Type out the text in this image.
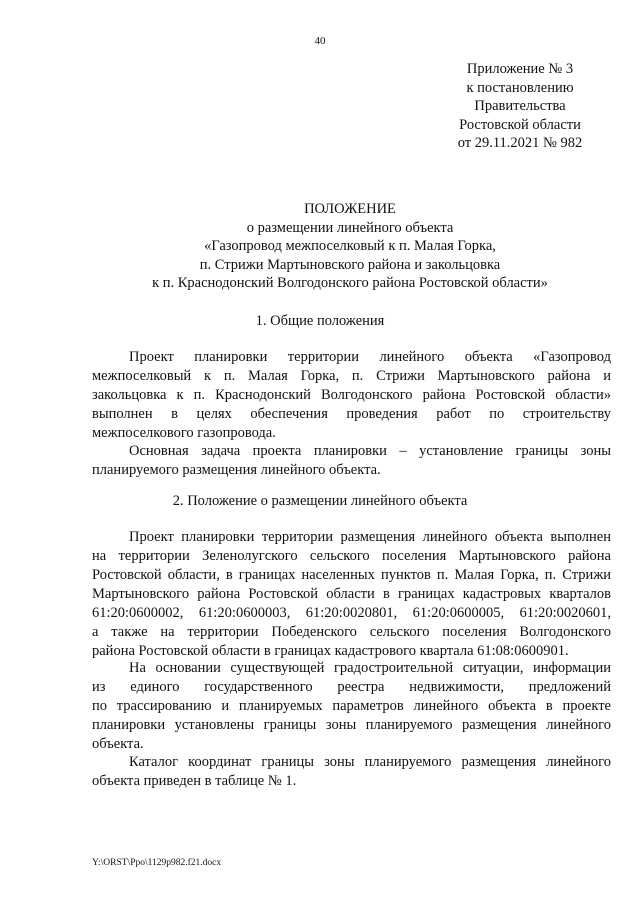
40
Приложение № 3
к постановлению
Правительства
Ростовской области
от 29.11.2021 № 982
ПОЛОЖЕНИЕ
о размещении линейного объекта
«Газопровод межпоселковый к п. Малая Горка,
п. Стрижи Мартыновского района и закольцовка
к п. Краснодонский Волгодонского района Ростовской области»
1. Общие положения
Проект планировки территории линейного объекта «Газопровод
межпоселковый к п. Малая Горка, п. Стрижи Мартыновского района и
закольцовка к п. Краснодонский Волгодонского района Ростовской области»
выполнен в целях обеспечения проведения работ по строительству
межпоселкового газопровода.
Основная задача проекта планировки – установление границы зоны
планируемого размещения линейного объекта.
2. Положение о размещении линейного объекта
Проект планировки территории размещения линейного объекта выполнен
на территории Зеленолугского сельского поселения Мартыновского района
Ростовской области, в границах населенных пунктов п. Малая Горка, п. Стрижи
Мартыновского района Ростовской области в границах кадастровых кварталов
61:20:0600002, 61:20:0600003, 61:20:0020801, 61:20:0600005, 61:20:0020601,
а также на территории Победенского сельского поселения Волгодонского
района Ростовской области в границах кадастрового квартала 61:08:0600901.
На основании существующей градостроительной ситуации, информации
из единого государственного реестра недвижимости, предложений
по трассированию и планируемых параметров линейного объекта в проекте
планировки установлены границы зоны планируемого размещения линейного
объекта.
Каталог координат границы зоны планируемого размещения линейного
объекта приведен в таблице № 1.
Y:\ORST\Ppo\1129p982.f21.docx
